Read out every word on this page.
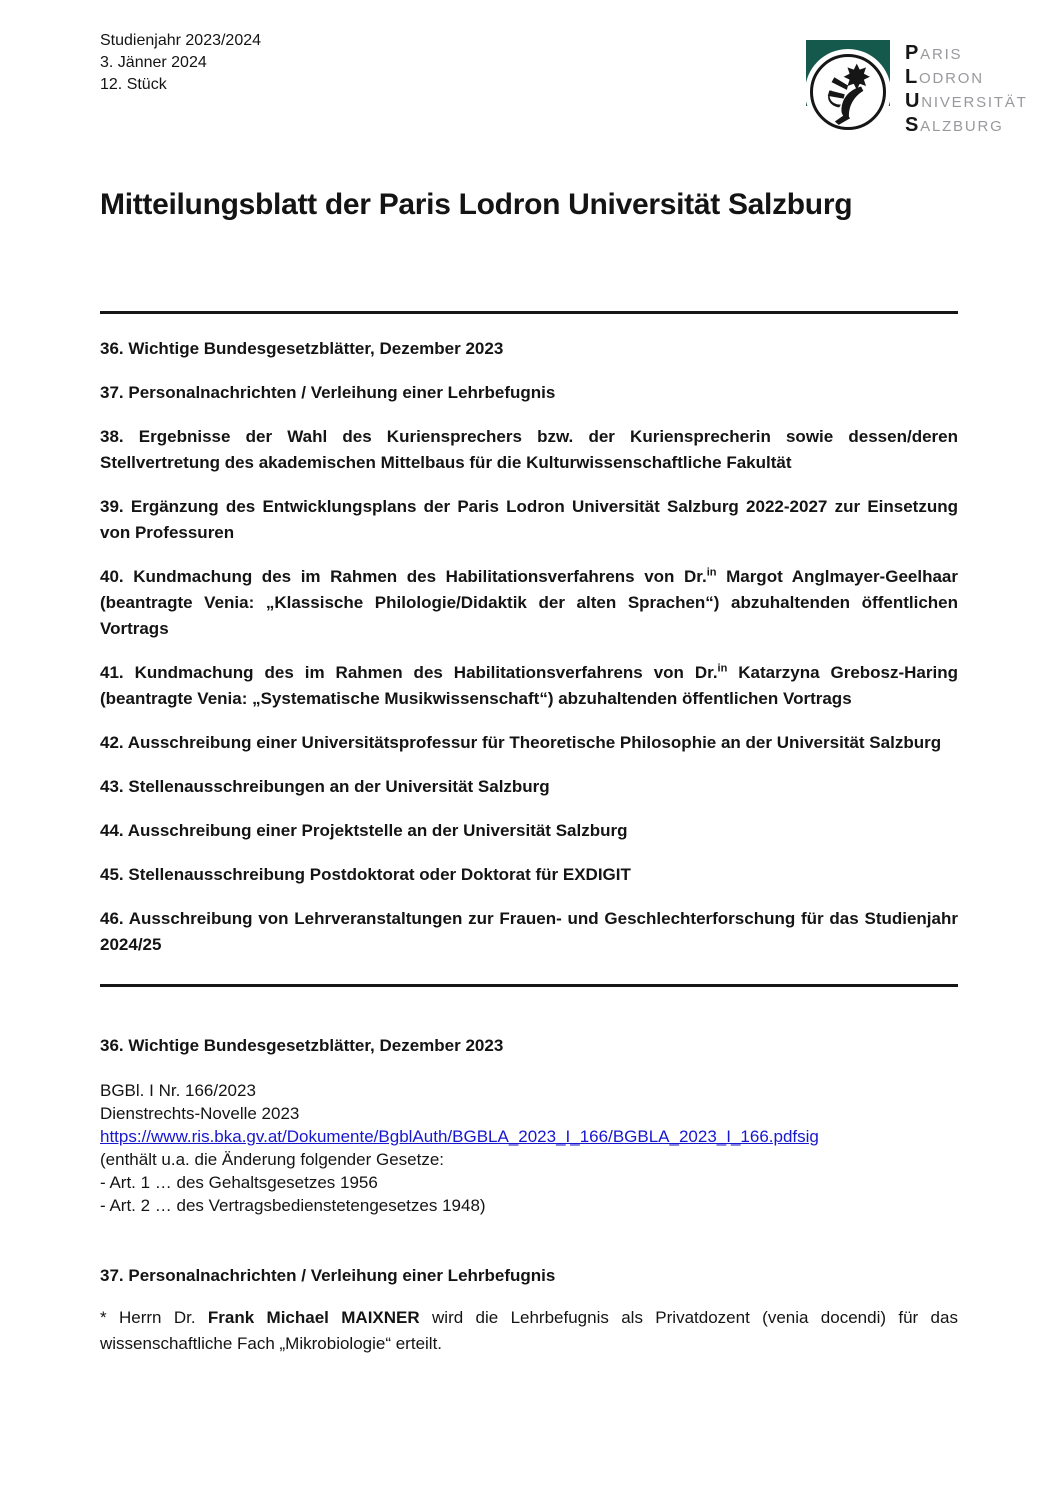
Studienjahr 2023/2024
3. Jänner 2024
12. Stück
Mitteilungsblatt der Paris Lodron Universität Salzburg
36. Wichtige Bundesgesetzblätter, Dezember 2023
37. Personalnachrichten / Verleihung einer Lehrbefugnis
38. Ergebnisse der Wahl des Kuriensprechers bzw. der Kuriensprecherin sowie dessen/deren Stellvertretung des akademischen Mittelbaus für die Kulturwissenschaftliche Fakultät
39. Ergänzung des Entwicklungsplans der Paris Lodron Universität Salzburg 2022-2027 zur Einsetzung von Professuren
40. Kundmachung des im Rahmen des Habilitationsverfahrens von Dr.$^{in}$ Margot Anglmayer-Geelhaar (beantragte Venia: „Klassische Philologie/Didaktik der alten Sprachen“) abzuhaltenden öffentlichen Vortrags
41. Kundmachung des im Rahmen des Habilitationsverfahrens von Dr.$^{in}$ Katarzyna Grebosz-Haring (beantragte Venia: „Systematische Musikwissenschaft“) abzuhaltenden öffentlichen Vortrags
42. Ausschreibung einer Universitätsprofessur für Theoretische Philosophie an der Universität Salzburg
43. Stellenausschreibungen an der Universität Salzburg
44. Ausschreibung einer Projektstelle an der Universität Salzburg
45. Stellenausschreibung Postdoktorat oder Doktorat für EXDIGIT
46. Ausschreibung von Lehrveranstaltungen zur Frauen- und Geschlechterforschung für das Studienjahr 2024/25
36. Wichtige Bundesgesetzblätter, Dezember 2023
BGBl. I Nr. 166/2023
Dienstrechts-Novelle 2023
https://www.ris.bka.gv.at/Dokumente/BgblAuth/BGBLA_2023_I_166/BGBLA_2023_I_166.pdfsig
(enthält u.a. die Änderung folgender Gesetze:
- Art. 1 … des Gehaltsgesetzes 1956
- Art. 2 … des Vertragsbedienstetengesetzes 1948)
37. Personalnachrichten / Verleihung einer Lehrbefugnis

* Herrn Dr. Frank Michael MAIXNER wird die Lehrbefugnis als Privatdozent (venia docendi) für das wissenschaftliche Fach „Mikrobiologie“ erteilt.

PARIS
LODRON
UNIVERSITÄT
SALZBURG
